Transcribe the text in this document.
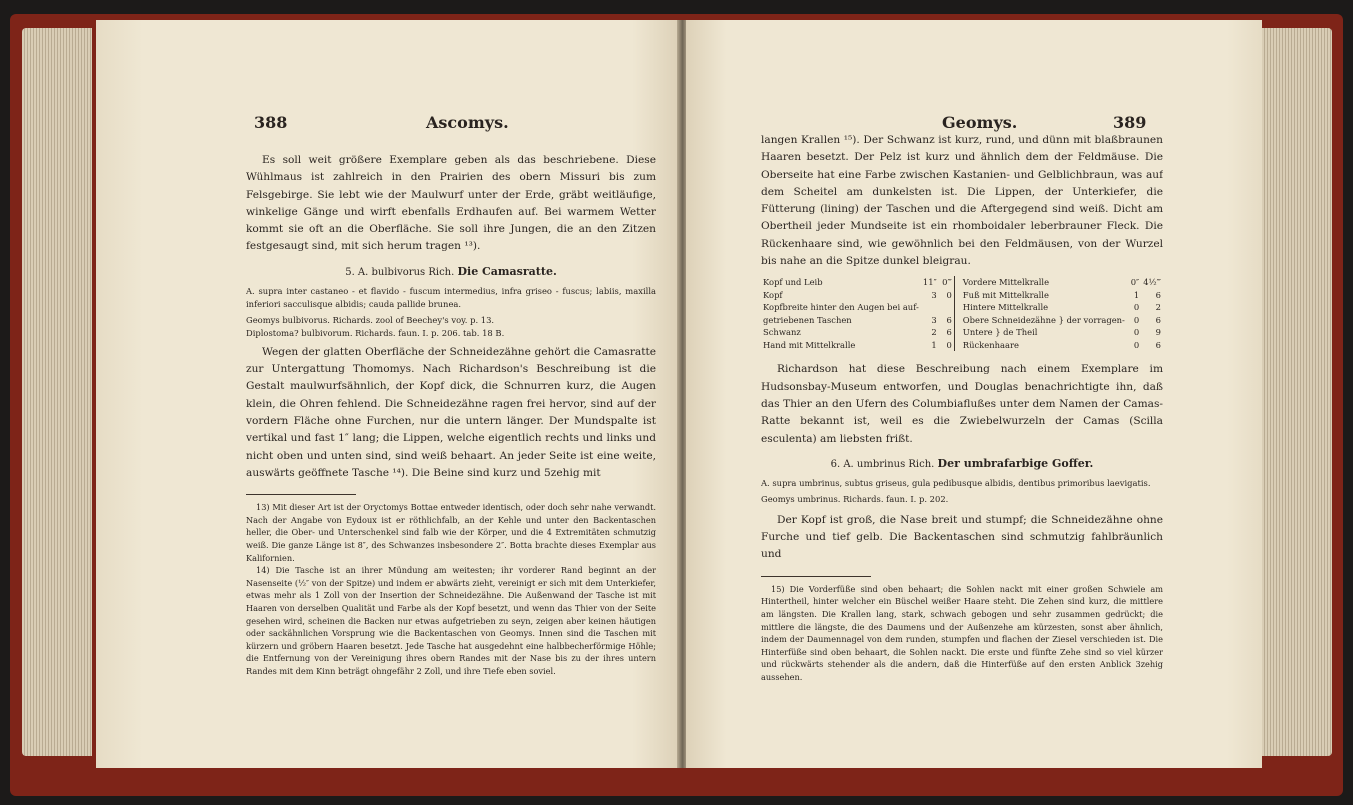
388	Ascomys.

Es soll weit größere Exemplare geben als das beschriebene. Diese Wühlmaus ist zahlreich in den Prairien des obern Missuri bis zum Felsgebirge. Sie lebt wie der Maulwurf unter der Erde, gräbt weitläufige, winkelige Gänge und wirft ebenfalls Erdhaufen auf. Bei warmem Wetter kommt sie oft an die Oberfläche. Sie soll ihre Jungen, die an den Zitzen festgesaugt sind, mit sich herum tragen ¹³).

5. A. bulbivorus Rich. Die Camasratte.

A. supra inter castaneo - et flavido - fuscum intermedius, infra griseo - fuscus; labiis, maxilla inferiori sacculisque albidis; cauda pallide brunea.

Geomys bulbivorus. Richards. zool of Beechey's voy. p. 13.

Diplostoma? bulbivorum. Richards. faun. I. p. 206. tab. 18 B.

Wegen der glatten Oberfläche der Schneidezähne gehört die Camasratte zur Untergattung Thomomys. Nach Richardson's Beschreibung ist die Gestalt maulwurfsähnlich, der Kopf dick, die Schnurren kurz, die Augen klein, die Ohren fehlend. Die Schneidezähne ragen frei hervor, sind auf der vordern Fläche ohne Furchen, nur die untern länger. Der Mundspalte ist vertikal und fast 1″ lang; die Lippen, welche eigentlich rechts und links und nicht oben und unten sind, sind weiß behaart. An jeder Seite ist eine weite, auswärts geöffnete Tasche ¹⁴). Die Beine sind kurz und 5zehig mit

13) Mit dieser Art ist der Oryctomys Bottae entweder identisch, oder doch sehr nahe verwandt. Nach der Angabe von Eydoux ist er röthlichfalb, an der Kehle und unter den Backentaschen heller, die Ober- und Unterschenkel sind falb wie der Körper, und die 4 Extremitäten schmutzig weiß. Die ganze Länge ist 8″, des Schwanzes insbesondere 2″. Botta brachte dieses Exemplar aus Kalifornien.

14) Die Tasche ist an ihrer Mündung am weitesten; ihr vorderer Rand beginnt an der Nasenseite (½″ von der Spitze) und indem er abwärts zieht, vereinigt er sich mit dem Unterkiefer, etwas mehr als 1 Zoll von der Insertion der Schneidezähne. Die Außenwand der Tasche ist mit Haaren von derselben Qualität und Farbe als der Kopf besetzt, und wenn das Thier von der Seite gesehen wird, scheinen die Backen nur etwas aufgetrieben zu seyn, zeigen aber keinen häutigen oder sackähnlichen Vorsprung wie die Backentaschen von Geomys. Innen sind die Taschen mit kürzern und gröbern Haaren besetzt. Jede Tasche hat ausgedehnt eine halbbecherförmige Höhle; die Entfernung von der Vereinigung ihres obern Randes mit der Nase bis zu der ihres untern Randes mit dem Kinn beträgt ohngefähr 2 Zoll, und ihre Tiefe eben soviel.

Geomys.	389

langen Krallen ¹⁵). Der Schwanz ist kurz, rund, und dünn mit blaßbraunen Haaren besetzt. Der Pelz ist kurz und ähnlich dem der Feldmäuse. Die Oberseite hat eine Farbe zwischen Kastanien- und Gelblichbraun, was auf dem Scheitel am dunkelsten ist. Die Lippen, der Unterkiefer, die Fütterung (lining) der Taschen und die Aftergegend sind weiß. Dicht am Obertheil jeder Mundseite ist ein rhomboidaler leberbrauner Fleck. Die Rückenhaare sind, wie gewöhnlich bei den Feldmäusen, von der Wurzel bis nahe an die Spitze dunkel bleigrau.

Kopf und Leib	11″	0‴		Vordere Mittelkralle	0″	4½‴
Kopf	3	0		Fuß mit Mittelkralle	1	6
Kopfbreite hinter den Augen bei auf-				Hintere Mittelkralle	0	2
getriebenen Taschen	3	6		Obere Schneidezähne } der vorragen-	0	6
Schwanz	2	6		Untere } de Theil	0	9
Hand mit Mittelkralle	1	0		Rückenhaare	0	6

Richardson hat diese Beschreibung nach einem Exemplare im Hudsonsbay-Museum entworfen, und Douglas benachrichtigte ihn, daß das Thier an den Ufern des Columbiaflußes unter dem Namen der Camas-Ratte bekannt ist, weil es die Zwiebelwurzeln der Camas (Scilla esculenta) am liebsten frißt.

6. A. umbrinus Rich. Der umbrafarbige Goffer.

A. supra umbrinus, subtus griseus, gula pedibusque albidis, dentibus primoribus laevigatis.

Geomys umbrinus. Richards. faun. I. p. 202.

Der Kopf ist groß, die Nase breit und stumpf; die Schneidezähne ohne Furche und tief gelb. Die Backentaschen sind schmutzig fahlbräunlich und

15) Die Vorderfüße sind oben behaart; die Sohlen nackt mit einer großen Schwiele am Hintertheil, hinter welcher ein Büschel weißer Haare steht. Die Zehen sind kurz, die mittlere am längsten. Die Krallen lang, stark, schwach gebogen und sehr zusammen gedrückt; die mittlere die längste, die des Daumens und der Außenzehe am kürzesten, sonst aber ähnlich, indem der Daumennagel von dem runden, stumpfen und flachen der Ziesel verschieden ist. Die Hinterfüße sind oben behaart, die Sohlen nackt. Die erste und fünfte Zehe sind so viel kürzer und rückwärts stehender als die andern, daß die Hinterfüße auf den ersten Anblick 3zehig aussehen.
